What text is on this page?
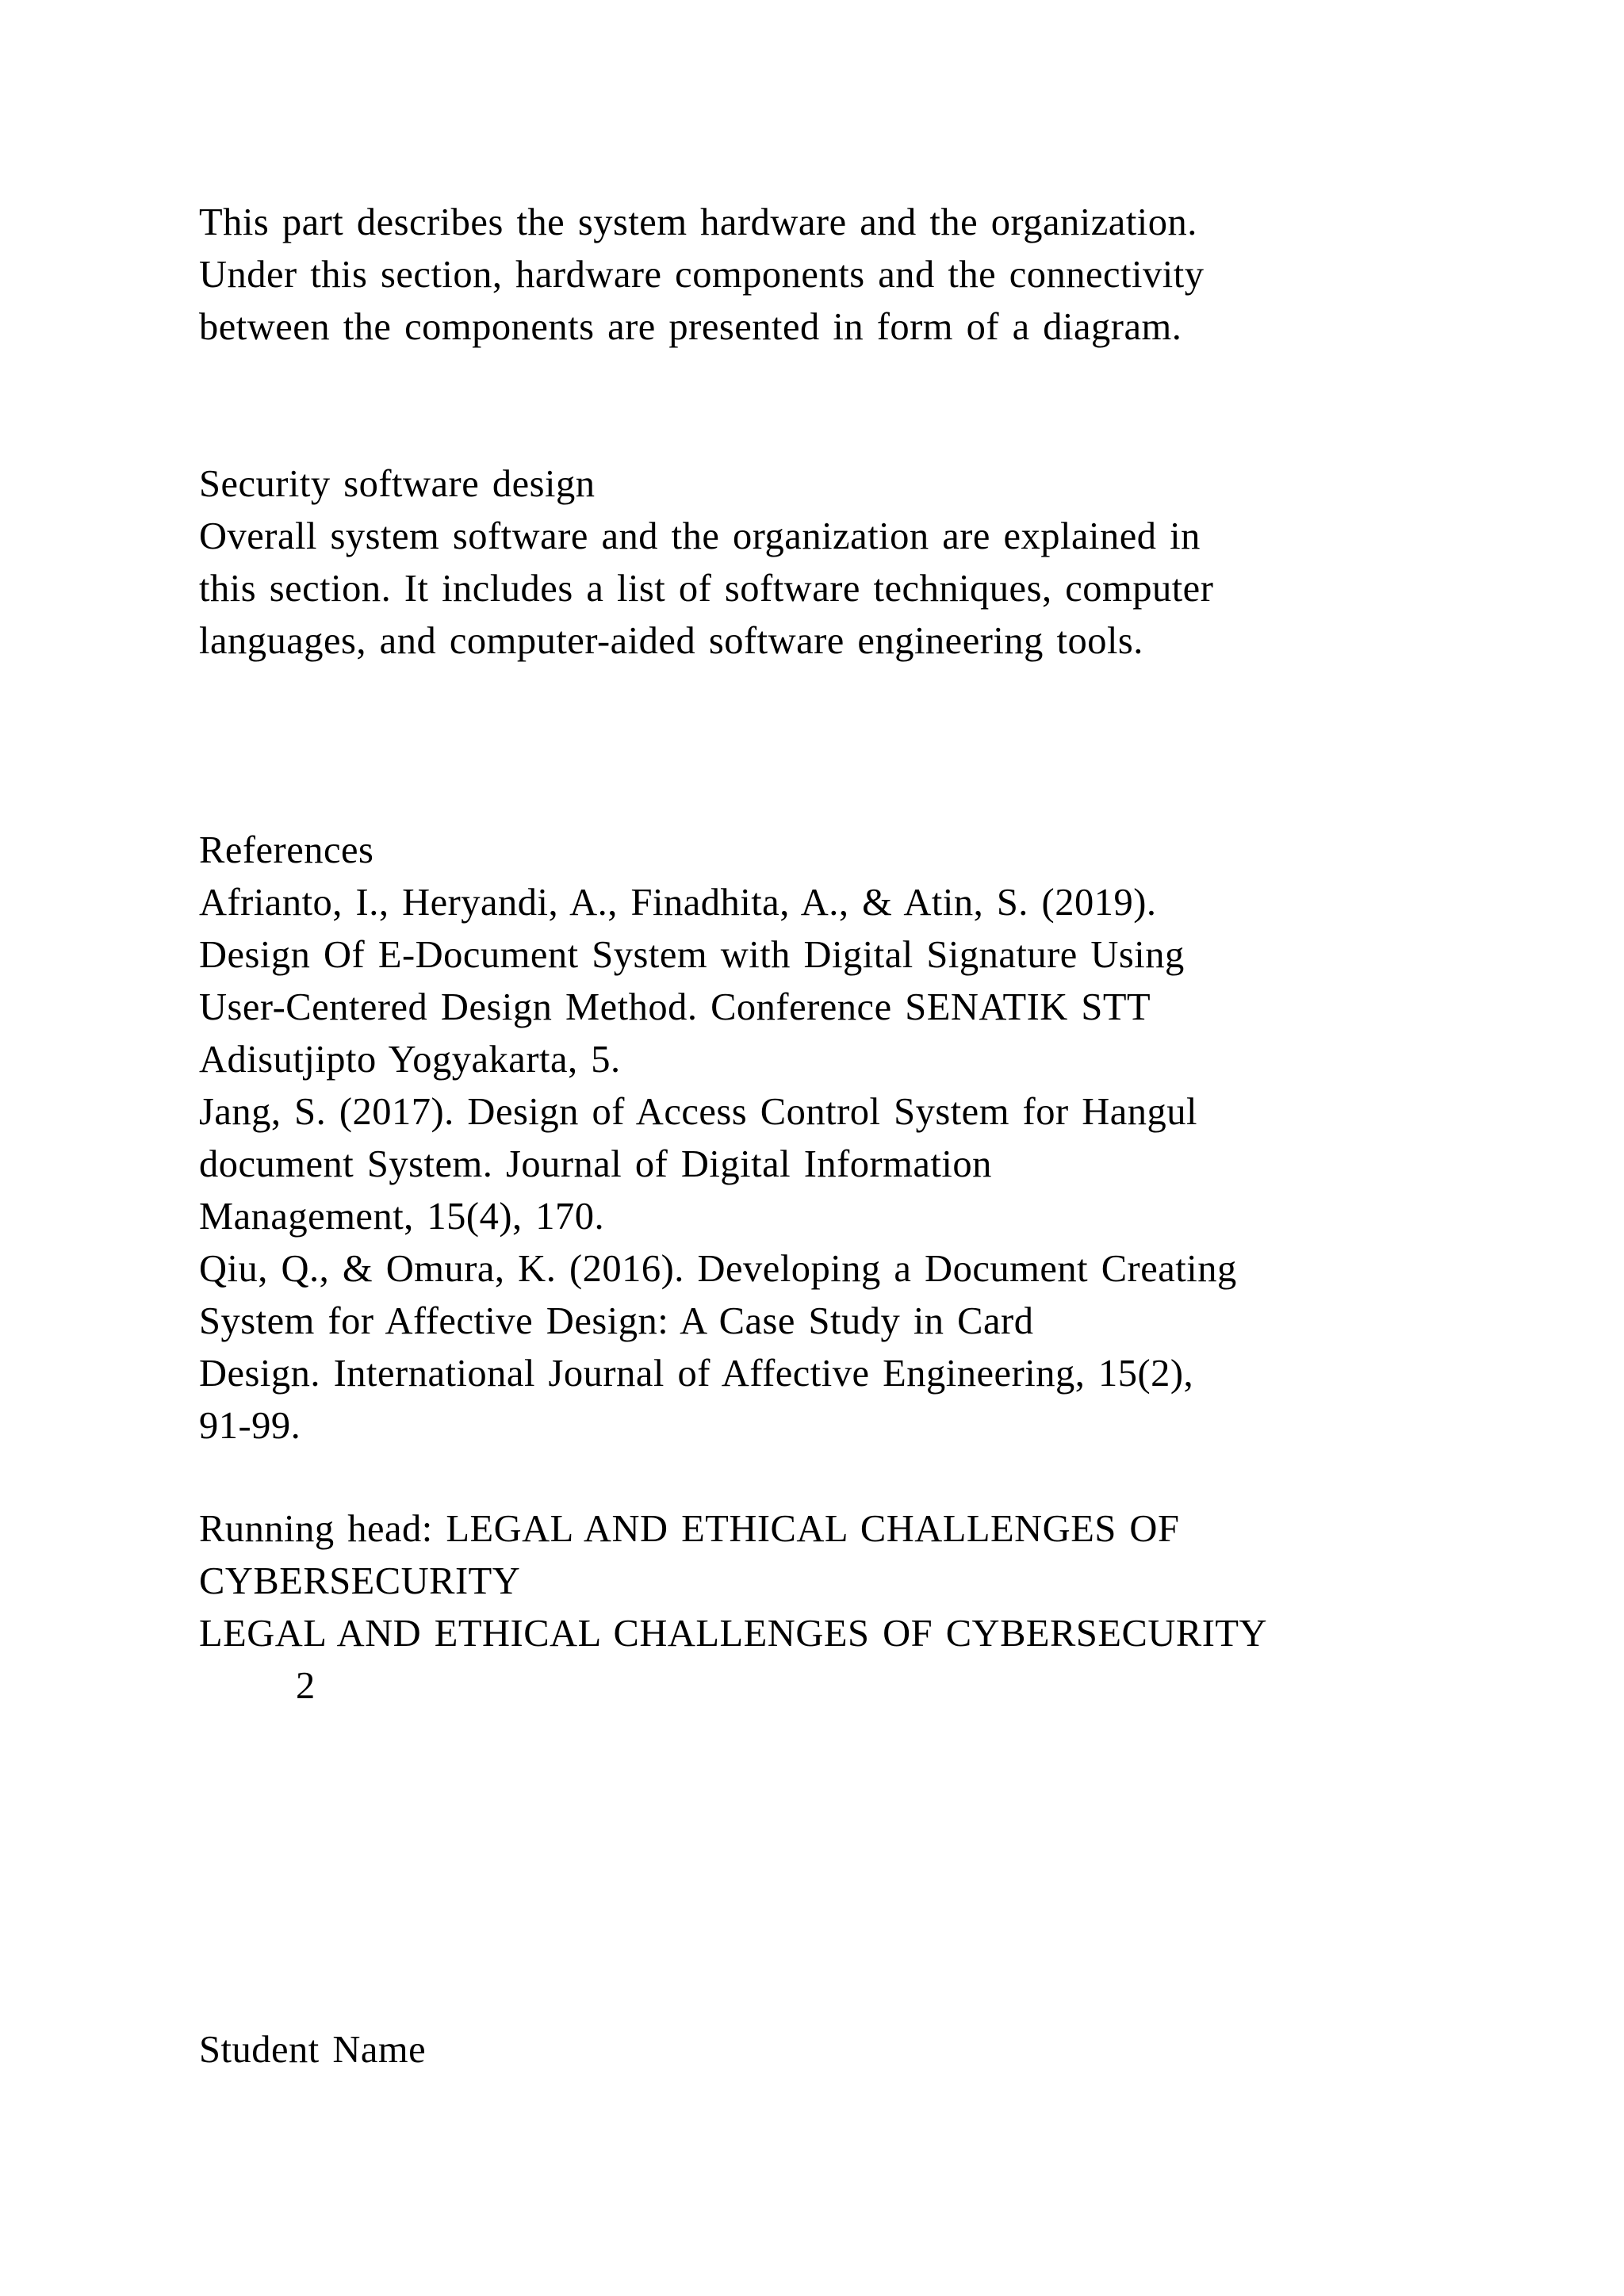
This part describes the system hardware and the organization.

Under this section, hardware components and the connectivity

between the components are presented in form of a diagram.

Security software design

Overall system software and the organization are explained in

this section. It includes a list of software techniques, computer

languages, and computer-aided software engineering tools.

References

Afrianto, I., Heryandi, A., Finadhita, A., & Atin, S. (2019).

Design Of E-Document System with Digital Signature Using

User-Centered Design Method. Conference SENATIK STT

Adisutjipto Yogyakarta, 5.

Jang, S. (2017). Design of Access Control System for Hangul

document System. Journal of Digital Information

Management, 15(4), 170.

Qiu, Q., & Omura, K. (2016). Developing a Document Creating

System for Affective Design: A Case Study in Card

Design. International Journal of Affective Engineering, 15(2),

91-99.

Running head: LEGAL AND ETHICAL CHALLENGES OF

CYBERSECURITY

LEGAL AND ETHICAL CHALLENGES OF CYBERSECURITY

2

Student Name
